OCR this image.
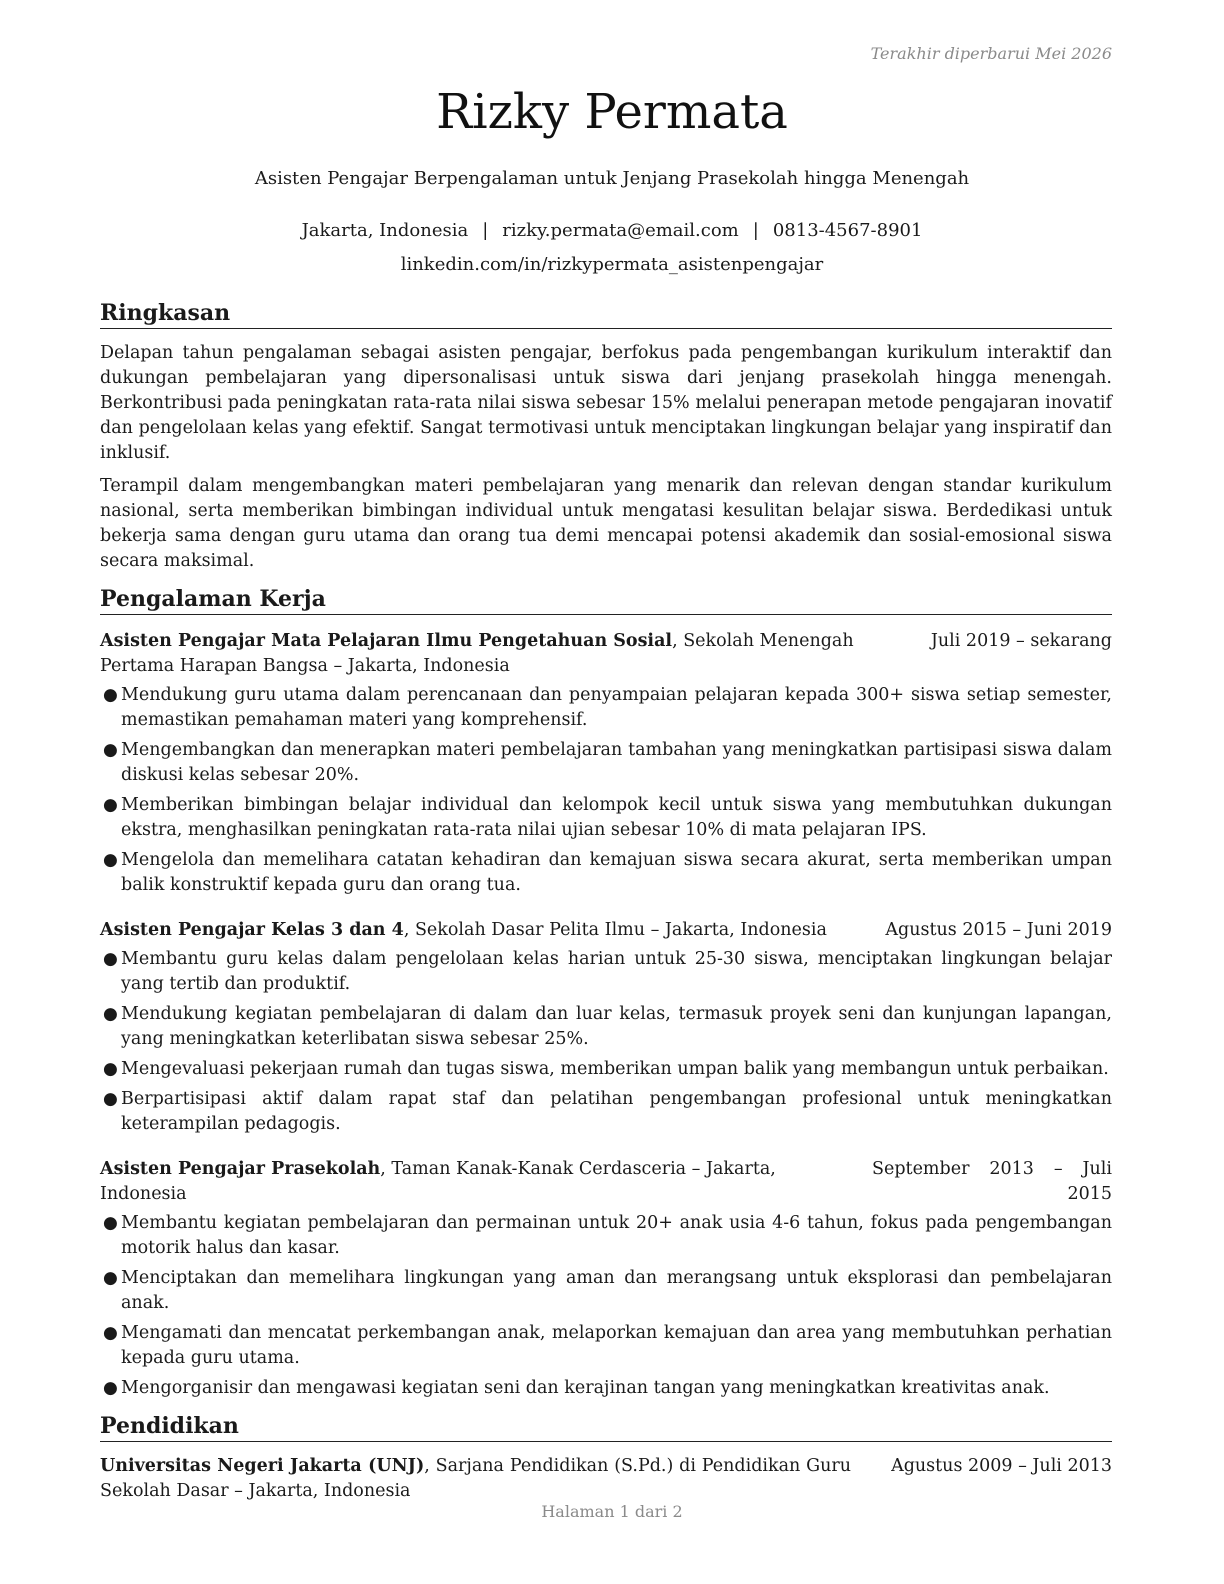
Terakhir diperbarui Mei 2026
Rizky Permata
Asisten Pengajar Berpengalaman untuk Jenjang Prasekolah hingga Menengah
Jakarta, Indonesia | rizky.permata@email.com | 0813-4567-8901
linkedin.com/in/rizkypermata_asistenpengajar
Ringkasan

Delapan tahun pengalaman sebagai asisten pengajar, berfokus pada pengembangan kurikulum interaktif dan dukungan pembelajaran yang dipersonalisasi untuk siswa dari jenjang prasekolah hingga menengah. Berkontribusi pada peningkatan rata-rata nilai siswa sebesar 15% melalui penerapan metode pengajaran inovatif dan pengelolaan kelas yang efektif. Sangat termotivasi untuk menciptakan lingkungan belajar yang inspiratif dan inklusif.

Terampil dalam mengembangkan materi pembelajaran yang menarik dan relevan dengan standar kurikulum nasional, serta memberikan bimbingan individual untuk mengatasi kesulitan belajar siswa. Berdedikasi untuk bekerja sama dengan guru utama dan orang tua demi mencapai potensi akademik dan sosial-emosional siswa secara maksimal.

Pengalaman Kerja
Asisten Pengajar Mata Pelajaran Ilmu Pengetahuan Sosial, Sekolah Menengah Pertama Harapan Bangsa – Jakarta, Indonesia
Juli 2019 – sekarang
● Mendukung guru utama dalam perencanaan dan penyampaian pelajaran kepada 300+ siswa setiap semester, memastikan pemahaman materi yang komprehensif.
● Mengembangkan dan menerapkan materi pembelajaran tambahan yang meningkatkan partisipasi siswa dalam diskusi kelas sebesar 20%.
● Memberikan bimbingan belajar individual dan kelompok kecil untuk siswa yang membutuhkan dukungan ekstra, menghasilkan peningkatan rata-rata nilai ujian sebesar 10% di mata pelajaran IPS.
● Mengelola dan memelihara catatan kehadiran dan kemajuan siswa secara akurat, serta memberikan umpan balik konstruktif kepada guru dan orang tua.
Asisten Pengajar Kelas 3 dan 4, Sekolah Dasar Pelita Ilmu – Jakarta, Indonesia	Agustus 2015 – Juni 2019
● Membantu guru kelas dalam pengelolaan kelas harian untuk 25-30 siswa, menciptakan lingkungan belajar yang tertib dan produktif.
● Mendukung kegiatan pembelajaran di dalam dan luar kelas, termasuk proyek seni dan kunjungan lapangan, yang meningkatkan keterlibatan siswa sebesar 25%.
● Mengevaluasi pekerjaan rumah dan tugas siswa, memberikan umpan balik yang membangun untuk perbaikan.
● Berpartisipasi aktif dalam rapat staf dan pelatihan pengembangan profesional untuk meningkatkan keterampilan pedagogis.
Asisten Pengajar Prasekolah, Taman Kanak-Kanak Cerdasceria – Jakarta, Indonesia
September 2013 – Juli 2015
● Membantu kegiatan pembelajaran dan permainan untuk 20+ anak usia 4-6 tahun, fokus pada pengembangan motorik halus dan kasar.
● Menciptakan dan memelihara lingkungan yang aman dan merangsang untuk eksplorasi dan pembelajaran anak.
● Mengamati dan mencatat perkembangan anak, melaporkan kemajuan dan area yang membutuhkan perhatian kepada guru utama.
● Mengorganisir dan mengawasi kegiatan seni dan kerajinan tangan yang meningkatkan kreativitas anak.
Pendidikan
Universitas Negeri Jakarta (UNJ), Sarjana Pendidikan (S.Pd.) di Pendidikan Guru Sekolah Dasar – Jakarta, Indonesia
Agustus 2009 – Juli 2013
Halaman 1 dari 2
